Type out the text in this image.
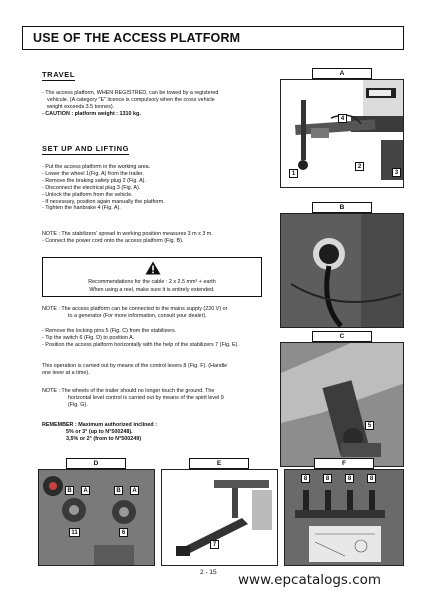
USE OF THE ACCESS PLATFORM
TRAVEL
- The access platform, WHEN REGISTRED, can be towed by a registered
vehicule. (A category "E" licence is compulsory when the cross vehicle
weight exceeds 3.5 tonnes).
- CAUTION : platform weight : 1310 kg.
SET UP AND LIFTING
- Put the access platform in the working area.
- Lower the wheel 1(Fig. A) from the trailer.
- Remove the braking safety plug 2 (Fig. A).
- Disconnect the electrical plug.3 (Fig. A).
- Unlock the platform from the vehicle.
- If necessary, position again manually the platform.
- Tighten the hanbrake 4 (Fig. A).
NOTE : The stabilizers' spread in working position measures 3 m x 3 m.
- Connect the power cord onto the access platform (Fig. B).
Recommendations for the cable : 2 x 2.5 mm² + earth
When using a reel, make sure it is entirely extended.
NOTE : The access platform can be connected to the mains supply (220 V) or
to a generator (For more information, consult your dealer).
- Remove the locking pins 5 (Fig. C) from the stabilizers.
- Tip the switch 6 (Fig. D) to position A.
- Position the access platform horizontally with the help of the stabilizers 7 (Fig. E).
This operation is carried out by means of the control levers 8 (Fig. F). (Handle
one lever at a time).
NOTE : The wheels of the trailer should no longer touch the ground. The
horizontal level control is carried out by means of the spirit level 9
(Fig. G).
REMEMBER : Maximum authorized inclined :
5% or 3° (up to N°500248).
3,5% or 2° (from to N°500249)
A
4
1
2
3
B
C
5
D
B	A	B	A
11	6
E
7
F
8	8	8	8
2 - 15 www.epcatalogs.com
